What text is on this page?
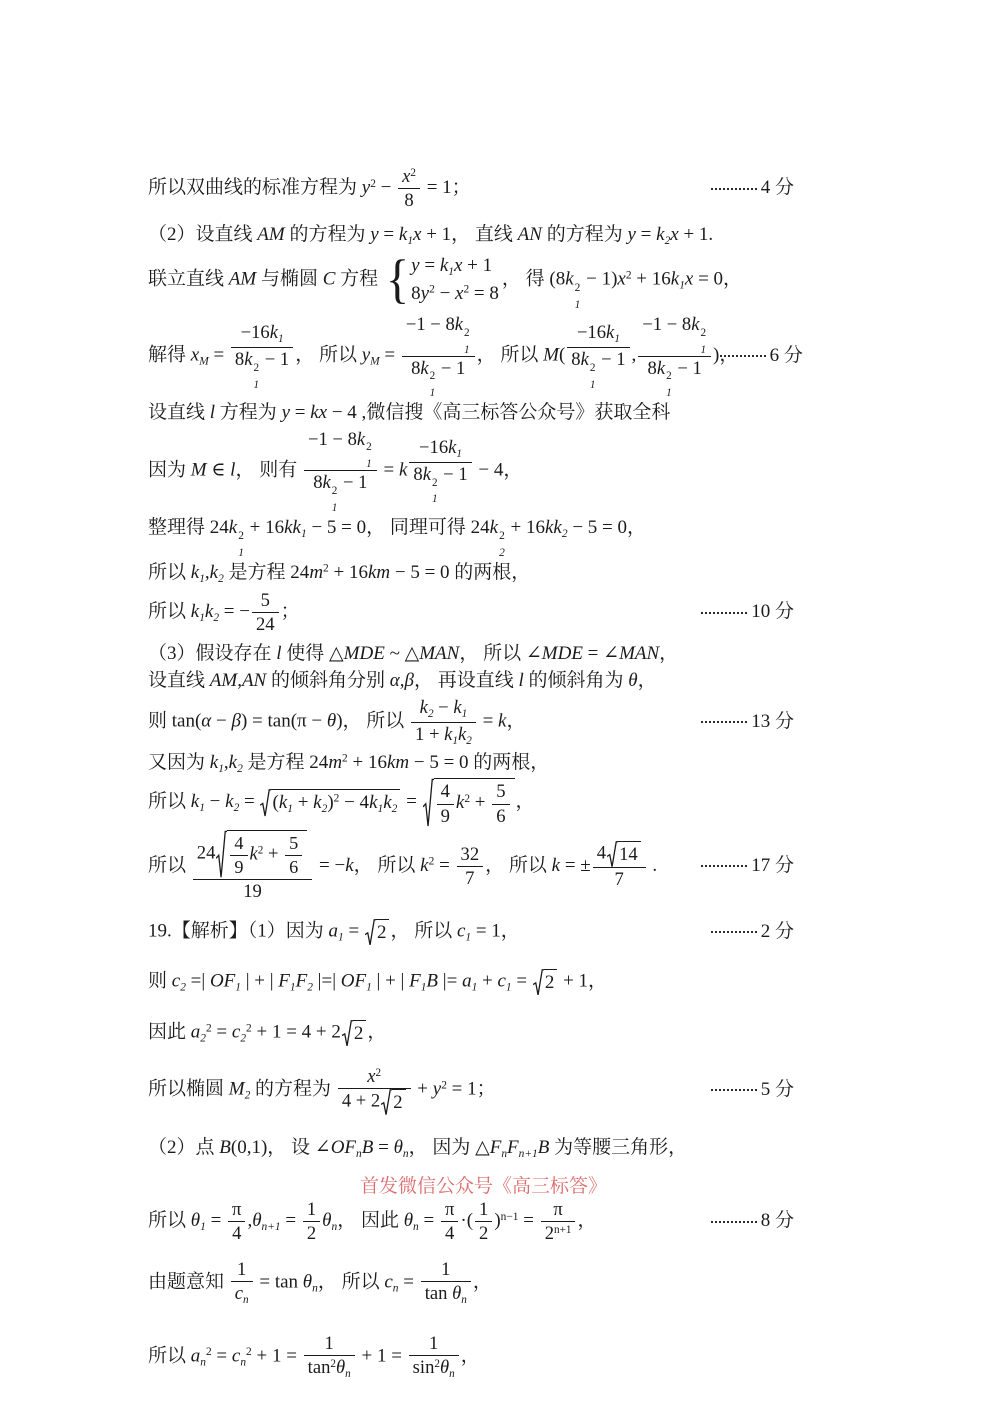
所以双曲线的标准方程为 $y^2 - \frac{x^2}{8} = 1$；	4 分
（2）设直线 AM 的方程为 $y = k_1x + 1$， 直线 AN 的方程为 $y = k_2x + 1$.
联立直线 AM 与椭圆 C 方程 { $y = k_1x + 1$
$8y^2 - x^2 = 8$
， 得 (8k 2
1
− $1)x^2 + 16k_1x = 0$，
解得 $x_M = -16k_1$
8k 2
1
− 1 ， 所以 $y_M = -1 - 8k$ 2
1
8k 2
1
− 1 ， 所以 $M( -16k_1$
8k 2
1
− 1 , −1 − 8k 2
1
8k 2
1
− 1 )， 6 分
设直线 l 方程为 y = kx − 4 ,微信搜《高三标答公众号》获取全科
因为 M ∈ l， 则有 −1 − 8k 2
1
8k 2
1
− $1 = k -16k_1$
8k 2
1
− 1 − 4，
整理得 24k 2
1
+ $16kk_1 - 5 = 0$， 同理可得 24k 2
2
+ $16kk_2 - 5 = 0$，
所以 $k_1,k_2$ 是方程 $24m^2 + 16km - 5 = 0$ 的两根，
所以 $k_1k_2$ = − $\frac{5}{24}$ ；	10 分
（3）假设存在 l 使得 △MDE ~ △MAN， 所以 ∠MDE = ∠MAN，
设直线 AM,AN 的倾斜角分别 α,β， 再设直线 l 的倾斜角为 θ，
则 tan(α − β) = tan(π − θ)， 所以 $\frac{k_2 - k_1}{1 + k_1k_2} = k$，	13 分
又因为 $k_1,k_2$ 是方程 $24m^2 + 16km - 5 = 0$ 的两根，
所以 $k_1 - k_2 = (k_1 + k_2)^2 - 4k_1k_2 = \frac{4}{9} k^2 + \frac{5}{6}$ ，
所以 $\frac{24 \frac{4}{9} k^2 + \frac{5}{6}}{19} = -k$， 所以 $k^2 = \frac{32}{7}$ ， 所以 k = ± $\frac{4 14}{7}$ .	17 分
19.【解析】（1）因为 $a_1 = 2$ ， 所以 $c_1 = 1$，	2 分
则 $c_2$ =| $OF_1$ | + | $F_1F_2$ |=| $OF_1$ | + | $F_1B$ |= $a_1 + c_1 = 2 + 1$，
因此 $a_2^2 = c_2^2 + 1 = 4 + 2$ 2 ，
所以椭圆 $M_2$ 的方程为 $\frac{x^2}{4 + 2 2} + y^2 = 1$；	5 分
（2）点 B(0,1)， 设 $\angle OF_nB = \theta_n$， 因为 $\triangle F_nF_{n+1}B$ 为等腰三角形，
首发微信公众号《高三标答》
所以 $\theta_1 = \frac{\pi}{4} ,\theta_{n+1} = \frac{1}{2} \theta_n$， 因此 $\theta_n = \frac{\pi}{4}$ ·( $\frac{1}{2} )^{n-1} = \frac{\pi}{2^{n+1}}$ ，	8 分
由题意知 $\frac{1}{c_n} = \tan \theta_n$， 所以 $c_n = \frac{1}{\tan \theta_n}$ ，
所以 $a_n^2 = c_n^2 + 1 = \frac{1}{\tan^2\theta_n} + 1 = \frac{1}{\sin^2\theta_n}$ ，
